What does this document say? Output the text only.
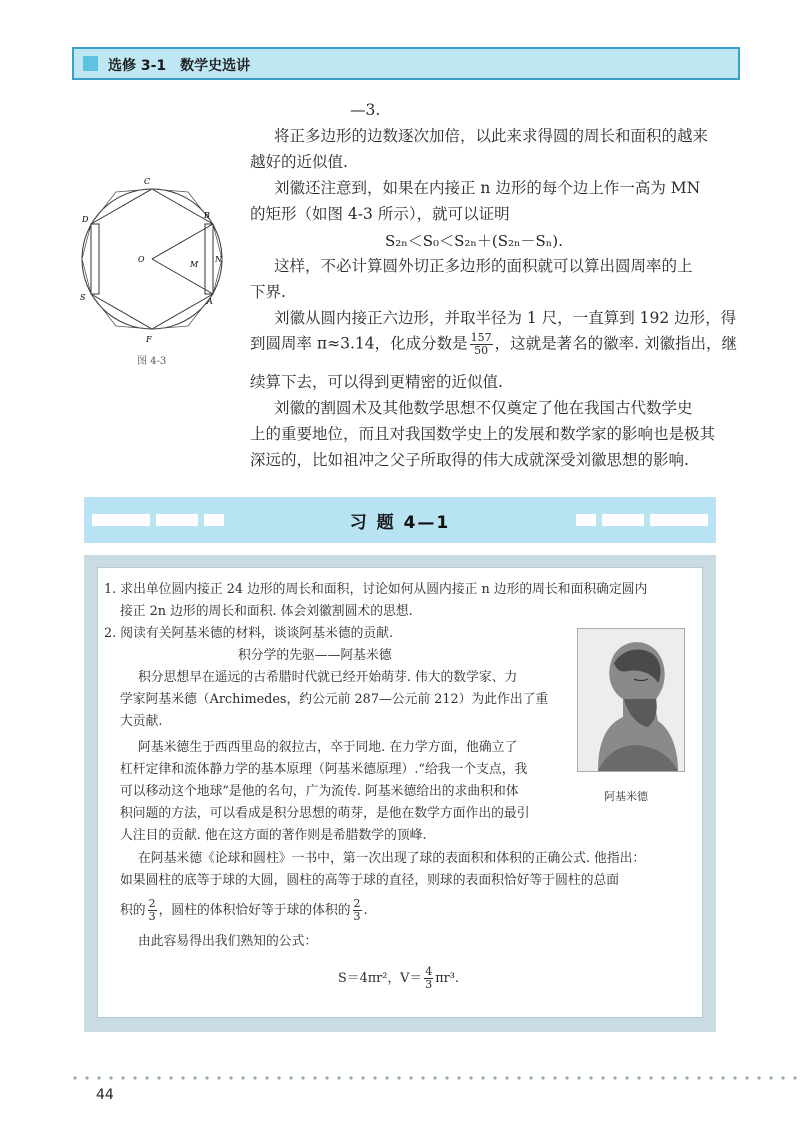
选修 3-1　数学史选讲
—3.
将正多边形的边数逐次加倍，以此来求得圆的周长和面积的越来
越好的近似值.
刘徽还注意到，如果在内接正 n 边形的每个边上作一高为 MN
的矩形（如图 4-3 所示），就可以证明
S₂ₙ＜S₀＜S₂ₙ＋(S₂ₙ－Sₙ).
这样，不必计算圆外切正多边形的面积就可以算出圆周率的上
下界.
刘徽从圆内接正六边形，并取半径为 1 尺，一直算到 192 边形，得
到圆周率 π≈3.14，化成分数是 $\frac{157}{50}$ ，这就是著名的徽率. 刘徽指出，继
续算下去，可以得到更精密的近似值.
刘徽的割圆术及其他数学思想不仅奠定了他在我国古代数学史
上的重要地位，而且对我国数学史上的发展和数学家的影响也是极其
深远的，比如祖冲之父子所取得的伟大成就深受刘徽思想的影响.
C
D	B
O
M
N
S	A
F
图 4-3
习 题 4—1
1. 求出单位圆内接正 24 边形的周长和面积，讨论如何从圆内接正 n 边形的周长和面积确定圆内
接正 2n 边形的周长和面积. 体会刘徽割圆术的思想.
2. 阅读有关阿基米德的材料，谈谈阿基米德的贡献.
积分学的先驱——阿基米德
积分思想早在遥远的古希腊时代就已经开始萌芽. 伟大的数学家、力
学家阿基米德（Archimedes，约公元前 287—公元前 212）为此作出了重
大贡献.
阿基米德生于西西里岛的叙拉古，卒于同地. 在力学方面，他确立了
杠杆定律和流体静力学的基本原理（阿基米德原理）.“给我一个支点，我
可以移动这个地球”是他的名句，广为流传. 阿基米德给出的求曲积和体
积问题的方法，可以看成是积分思想的萌芽，是他在数学方面作出的最引
人注目的贡献. 他在这方面的著作则是希腊数学的顶峰.
在阿基米德《论球和圆柱》一书中，第一次出现了球的表面积和体积的正确公式. 他指出：
如果圆柱的底等于球的大圆，圆柱的高等于球的直径，则球的表面积恰好等于圆柱的总面
积的 $\frac{2}{3}$ ，圆柱的体积恰好等于球的体积的 $\frac{2}{3}$ .
由此容易得出我们熟知的公式：
S＝4πr²，$V= \frac{4}{3} \pi r^3$.
阿基米德
44
